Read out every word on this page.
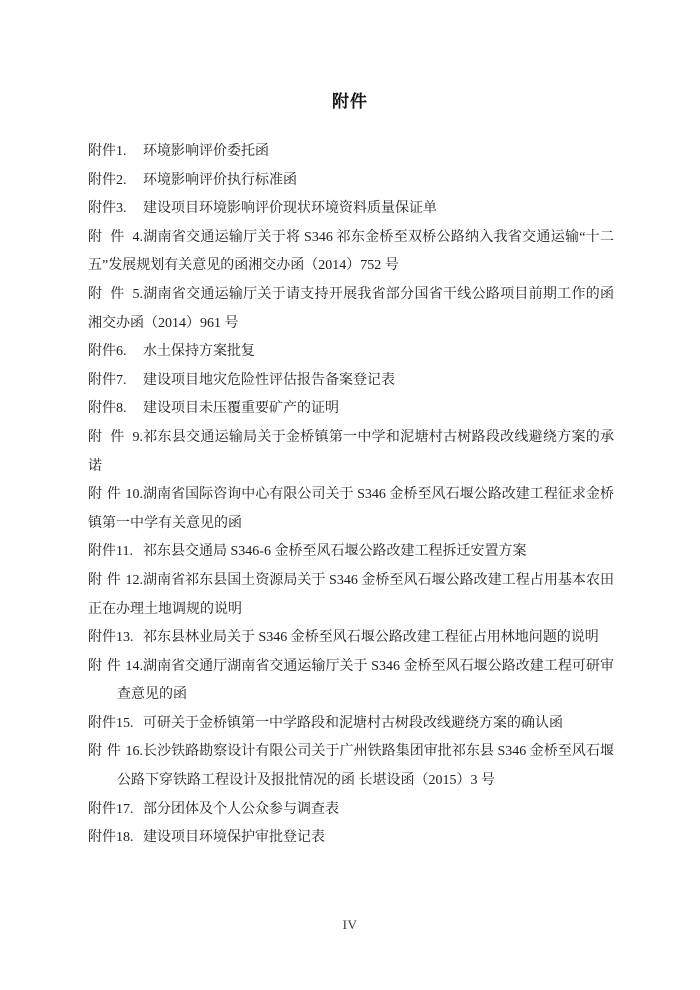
附件
附件1. 环境影响评价委托函
附件2. 环境影响评价执行标准函
附件3. 建设项目环境影响评价现状环境资料质量保证单
附件4.湖南省交通运输厅关于将 S346 祁东金桥至双桥公路纳入我省交通运输“十二
五”发展规划有关意见的函湘交办函（2014）752 号
附件5.湖南省交通运输厅关于请支持开展我省部分国省干线公路项目前期工作的函
湘交办函（2014）961 号
附件6. 水土保持方案批复
附件7. 建设项目地灾危险性评估报告备案登记表
附件8. 建设项目未压覆重要矿产的证明
附件9.祁东县交通运输局关于金桥镇第一中学和泥塘村古树路段改线避绕方案的承
诺
附件10.湖南省国际咨询中心有限公司关于 S346 金桥至风石堰公路改建工程征求金桥
镇第一中学有关意见的函
附件11. 祁东县交通局 S346-6 金桥至风石堰公路改建工程拆迁安置方案
附件12.湖南省祁东县国土资源局关于 S346 金桥至风石堰公路改建工程占用基本农田
正在办理土地调规的说明
附件13. 祁东县林业局关于 S346 金桥至风石堰公路改建工程征占用林地问题的说明
附件14.湖南省交通厅湖南省交通运输厅关于 S346 金桥至风石堰公路改建工程可研审
查意见的函
附件15. 可研关于金桥镇第一中学路段和泥塘村古树段改线避绕方案的确认函
附件16.长沙铁路勘察设计有限公司关于广州铁路集团审批祁东县 S346 金桥至风石堰
公路下穿铁路工程设计及报批情况的函 长堪设函（2015）3 号
附件17. 部分团体及个人公众参与调查表
附件18. 建设项目环境保护审批登记表
IV
